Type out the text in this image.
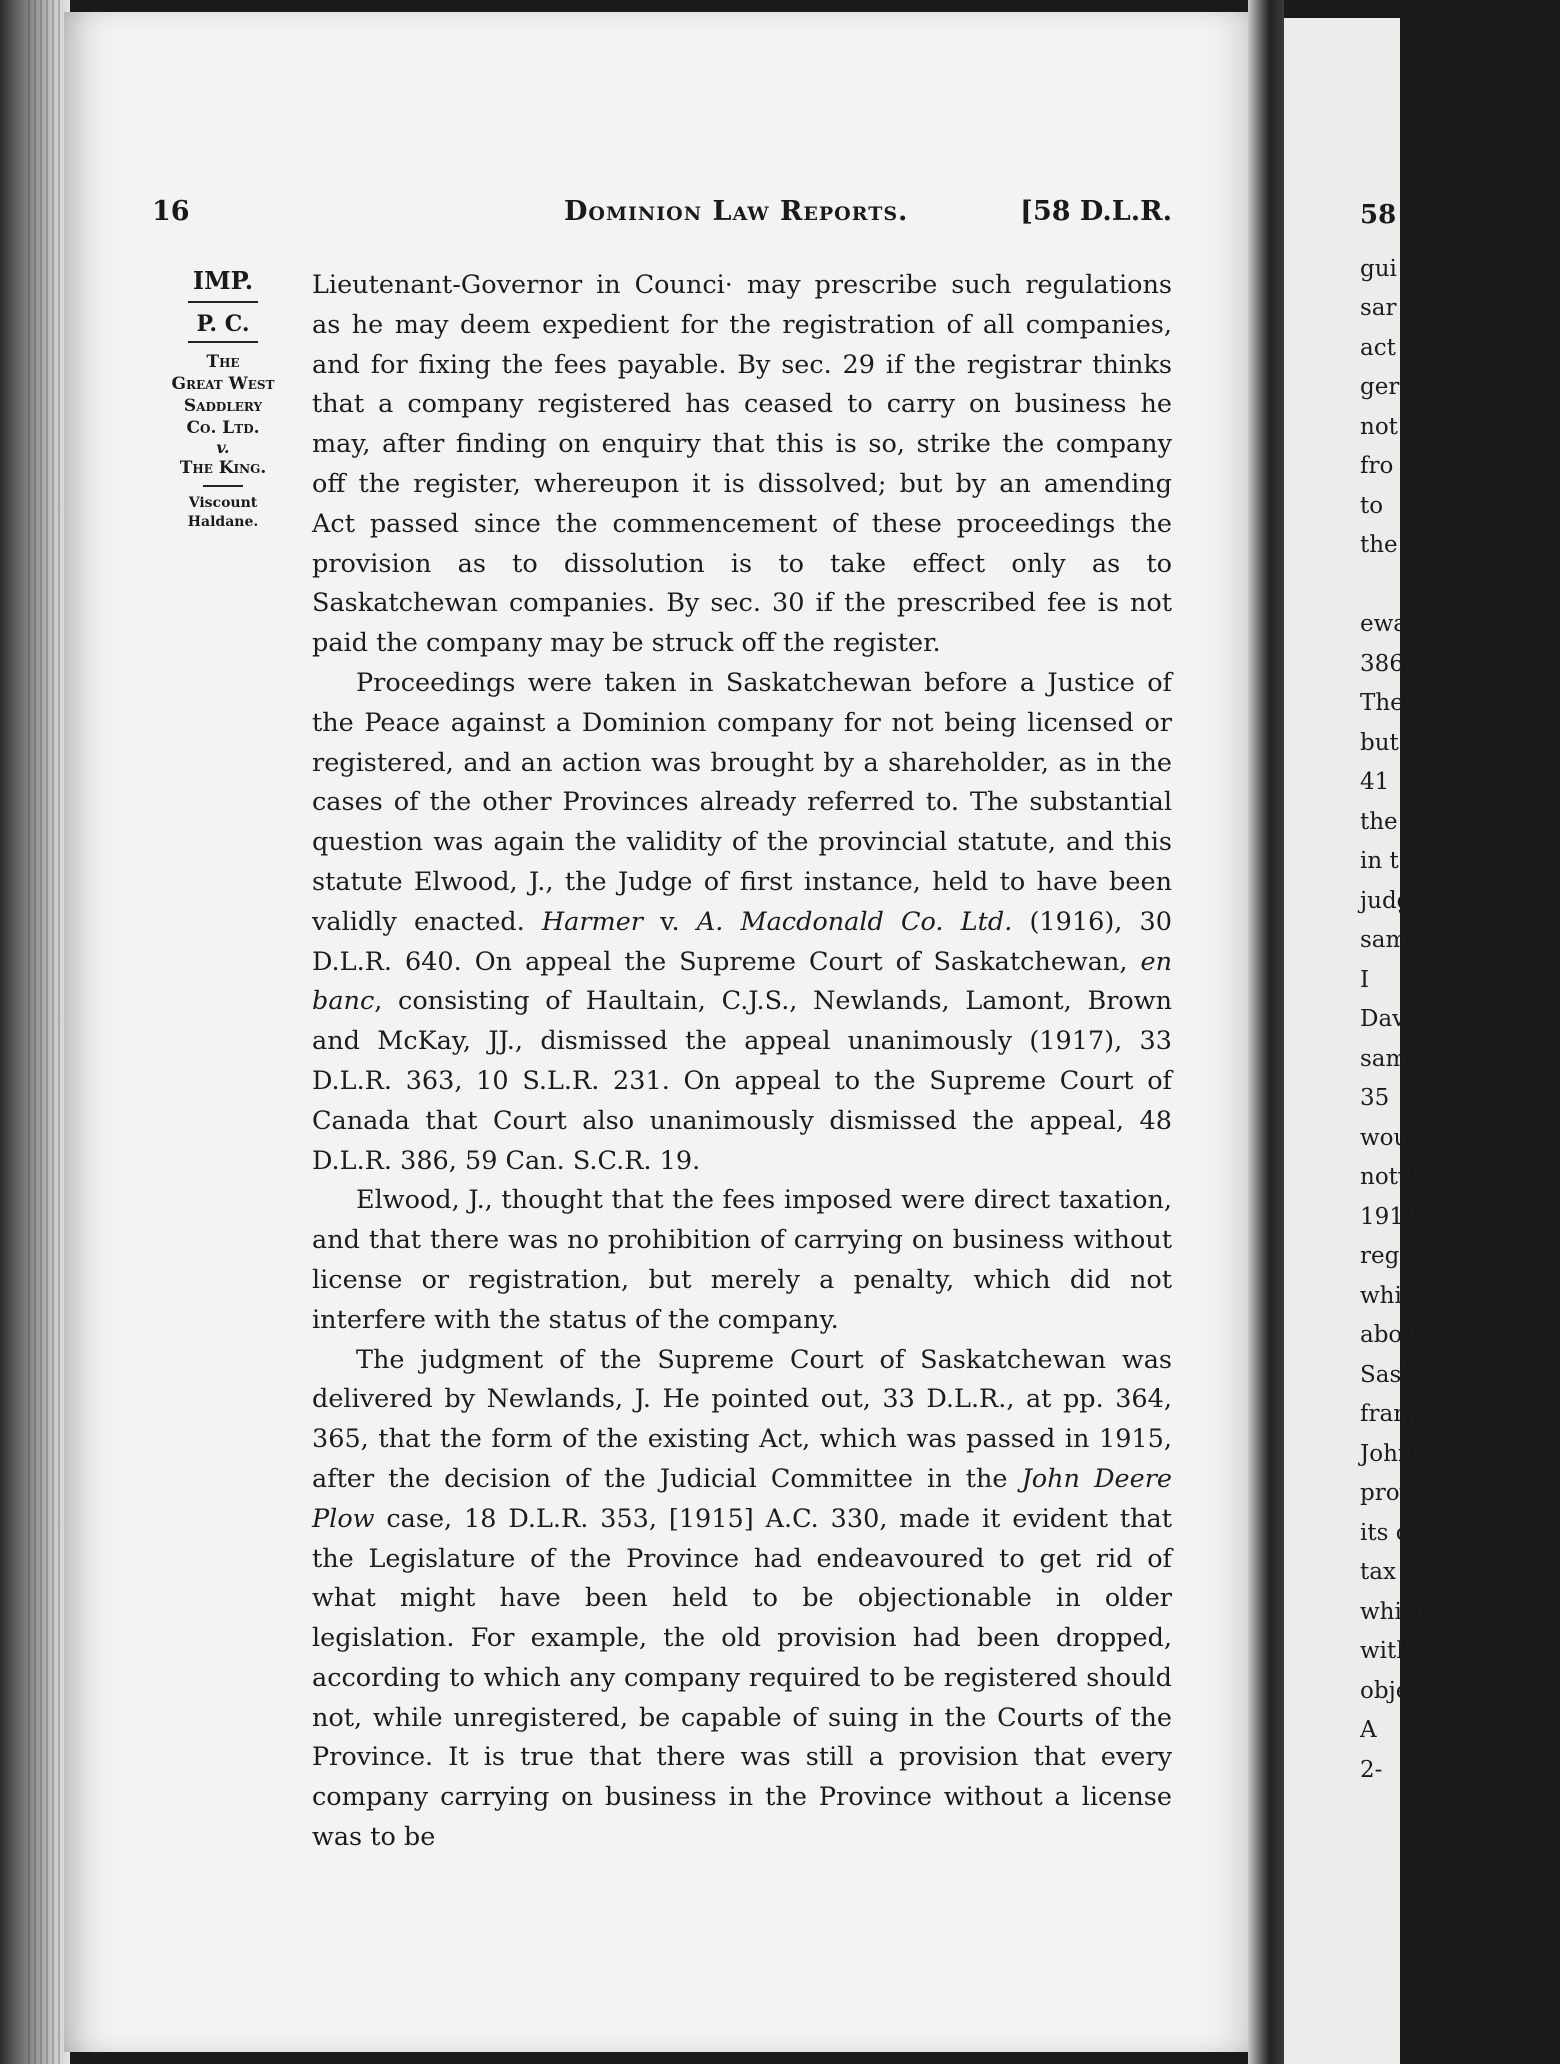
16	Dominion Law Reports.	[58 D.L.R.
IMP.
P. C.
The
Great West
Saddlery
Co. Ltd.
v.
The King.
Viscount
Haldane.

Lieutenant-Governor in Counci· may prescribe such regulations as he may deem expedient for the registration of all companies, and for fixing the fees payable. By sec. 29 if the registrar thinks that a company registered has ceased to carry on business he may, after finding on enquiry that this is so, strike the company off the register, whereupon it is dissolved; but by an amending Act passed since the commencement of these proceedings the provision as to dissolution is to take effect only as to Saskatchewan companies. By sec. 30 if the prescribed fee is not paid the company may be struck off the register.

Proceedings were taken in Saskatchewan before a Justice of the Peace against a Dominion company for not being licensed or registered, and an action was brought by a shareholder, as in the cases of the other Provinces already referred to. The substantial question was again the validity of the provincial statute, and this statute Elwood, J., the Judge of first instance, held to have been validly enacted. Harmer v. A. Macdonald Co. Ltd. (1916), 30 D.L.R. 640. On appeal the Supreme Court of Saskatchewan, en banc, consisting of Haultain, C.J.S., Newlands, Lamont, Brown and McKay, JJ., dismissed the appeal unanimously (1917), 33 D.L.R. 363, 10 S.L.R. 231. On appeal to the Supreme Court of Canada that Court also unanimously dismissed the appeal, 48 D.L.R. 386, 59 Can. S.C.R. 19.

Elwood, J., thought that the fees imposed were direct taxation, and that there was no prohibition of carrying on business without license or registration, but merely a penalty, which did not interfere with the status of the company.

The judgment of the Supreme Court of Saskatchewan was delivered by Newlands, J. He pointed out, 33 D.L.R., at pp. 364, 365, that the form of the existing Act, which was passed in 1915, after the decision of the Judicial Committee in the John Deere Plow case, 18 D.L.R. 353, [1915] A.C. 330, made it evident that the Legislature of the Province had endeavoured to get rid of what might have been held to be objectionable in older legislation. For example, the old provision had been dropped, according to which any company required to be registered should not, while unregistered, be capable of suing in the Courts of the Province. It is true that there was still a provision that every company carrying on business in the Province without a license was to be

58
gui
sar
act
ger
not
fro
to
the

ewa
386
The
but
41
the
in t
judg
sam
I
Dav
sam
35
wou
notw
1911
regis
whic
abou
Sask
fram
John
prov
its c
tax i
while
with
objec
A
2-
